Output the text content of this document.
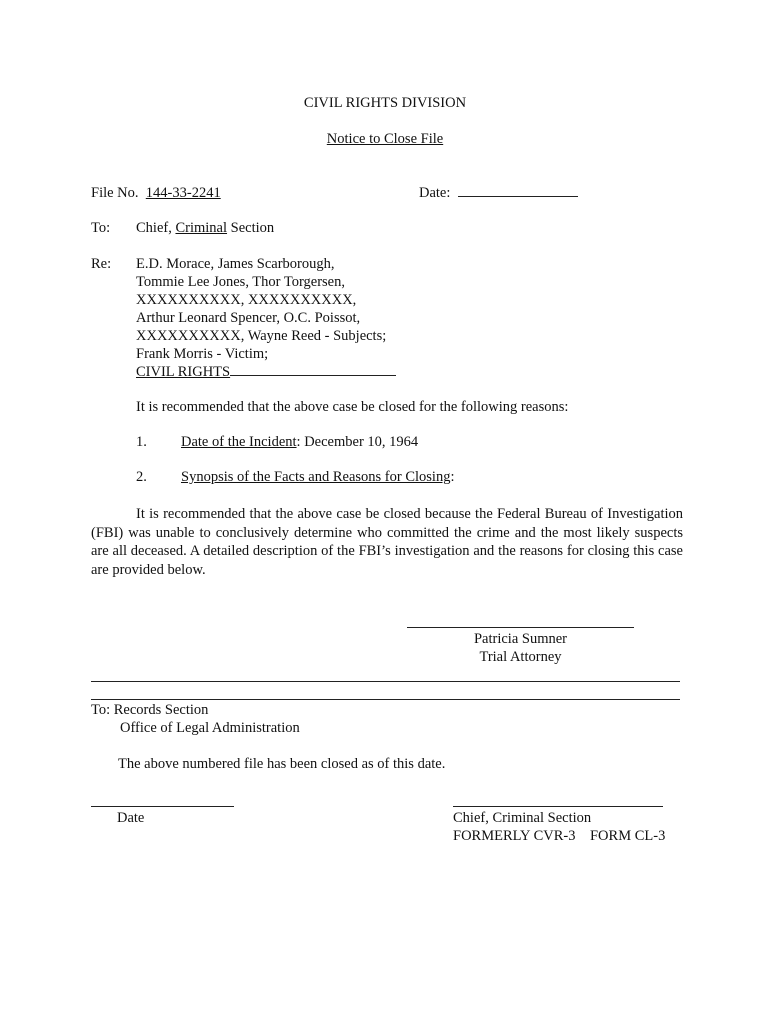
CIVIL RIGHTS DIVISION
Notice to Close File
File No. 144-33-2241	Date:
To: Chief, Criminal Section
Re: E.D. Morace, James Scarborough,
Tommie Lee Jones, Thor Torgersen,
XXXXXXXXXX, XXXXXXXXXX,
Arthur Leonard Spencer, O.C. Poissot,
XXXXXXXXXX, Wayne Reed - Subjects;
Frank Morris - Victim;
CIVIL RIGHTS
It is recommended that the above case be closed for the following reasons:
1. Date of the Incident: December 10, 1964
2. Synopsis of the Facts and Reasons for Closing:
It is recommended that the above case be closed because the Federal Bureau of Investigation (FBI) was unable to conclusively determine who committed the crime and the most likely suspects are all deceased. A detailed description of the FBI’s investigation and the reasons for closing this case are provided below.
Patricia Sumner
Trial Attorney
To: Records Section
Office of Legal Administration
The above numbered file has been closed as of this date.
Date	Chief, Criminal Section
FORMERLY CVR-3    FORM CL-3
